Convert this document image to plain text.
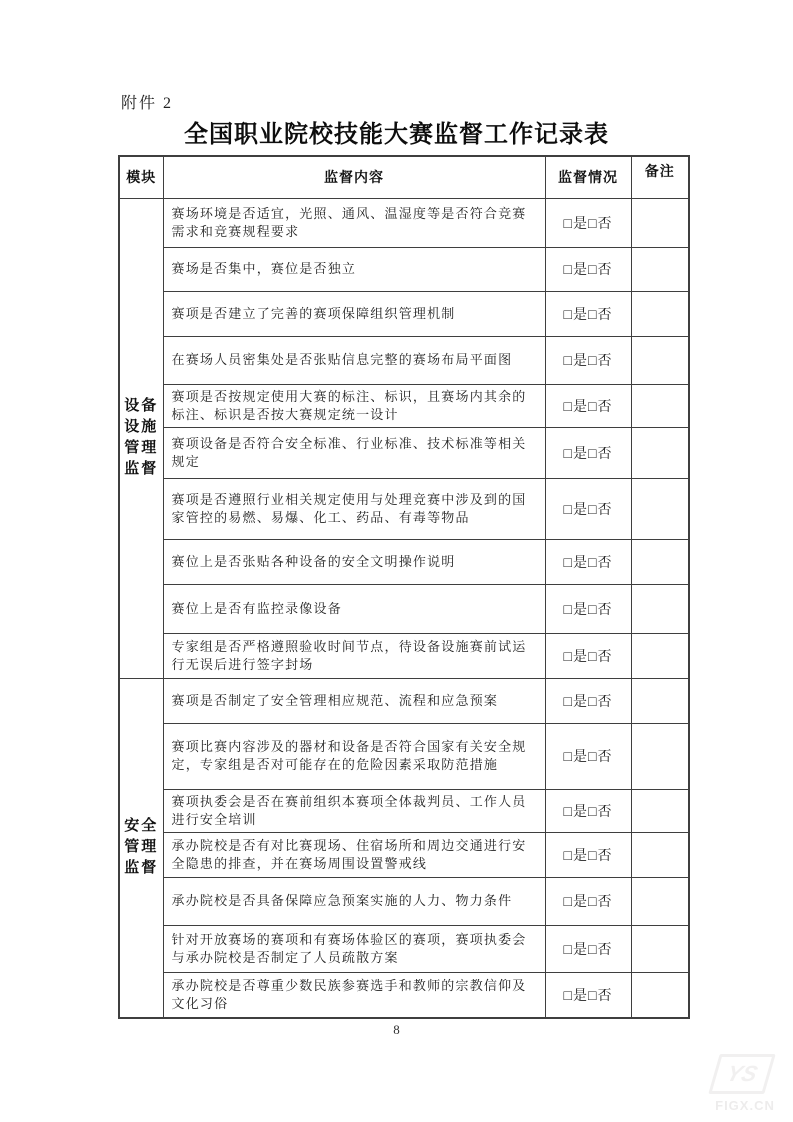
附件 2
全国职业院校技能大赛监督工作记录表
模块	监督内容	监督情况	备注

设备
设施
管理
监督	赛场环境是否适宜，光照、通风、温湿度等是否符合竞赛需求和竞赛规程要求	□是□否	
	赛场是否集中，赛位是否独立	□是□否	
	赛项是否建立了完善的赛项保障组织管理机制	□是□否	
	在赛场人员密集处是否张贴信息完整的赛场布局平面图	□是□否	
	赛项是否按规定使用大赛的标注、标识，且赛场内其余的标注、标识是否按大赛规定统一设计	□是□否	
	赛项设备是否符合安全标准、行业标准、技术标准等相关规定	□是□否	
	赛项是否遵照行业相关规定使用与处理竞赛中涉及到的国家管控的易燃、易爆、化工、药品、有毒等物品	□是□否	
	赛位上是否张贴各种设备的安全文明操作说明	□是□否	
	赛位上是否有监控录像设备	□是□否	
	专家组是否严格遵照验收时间节点，待设备设施赛前试运行无误后进行签字封场	□是□否	

安全
管理
监督	赛项是否制定了安全管理相应规范、流程和应急预案	□是□否	
	赛项比赛内容涉及的器材和设备是否符合国家有关安全规定，专家组是否对可能存在的危险因素采取防范措施	□是□否	
	赛项执委会是否在赛前组织本赛项全体裁判员、工作人员进行安全培训	□是□否	
	承办院校是否有对比赛现场、住宿场所和周边交通进行安全隐患的排查，并在赛场周围设置警戒线	□是□否	
	承办院校是否具备保障应急预案实施的人力、物力条件	□是□否	
	针对开放赛场的赛项和有赛场体验区的赛项，赛项执委会与承办院校是否制定了人员疏散方案	□是□否	
	承办院校是否尊重少数民族参赛选手和教师的宗教信仰及文化习俗	□是□否	
8
YS
FIGX.CN
